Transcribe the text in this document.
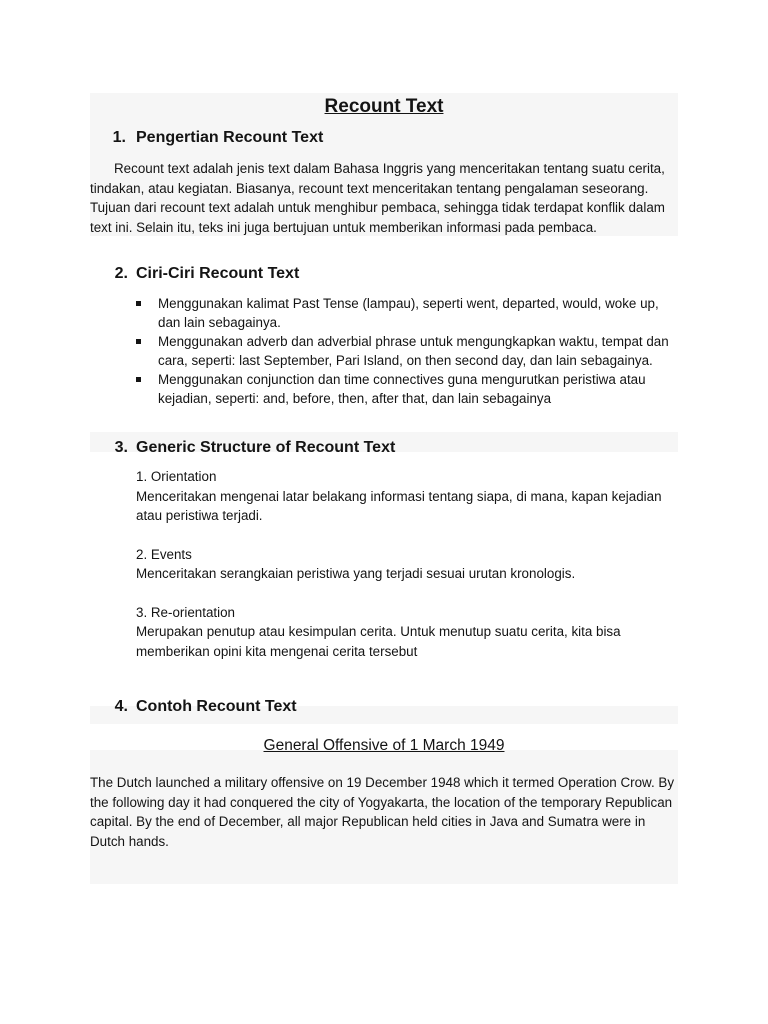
Recount Text
1. Pengertian Recount Text

Recount text adalah jenis text dalam Bahasa Inggris yang menceritakan tentang suatu cerita, tindakan, atau kegiatan. Biasanya, recount text menceritakan tentang pengalaman seseorang. Tujuan dari recount text adalah untuk menghibur pembaca, sehingga tidak terdapat konflik dalam text ini. Selain itu, teks ini juga bertujuan untuk memberikan informasi pada pembaca.

2. Ciri-Ciri Recount Text
Menggunakan kalimat Past Tense (lampau), seperti went, departed, would, woke up, dan lain sebagainya.
Menggunakan adverb dan adverbial phrase untuk mengungkapkan waktu, tempat dan cara, seperti: last September, Pari Island, on then second day, dan lain sebagainya.
Menggunakan conjunction dan time connectives guna mengurutkan peristiwa atau kejadian, seperti: and, before, then, after that, dan lain sebagainya
3. Generic Structure of Recount Text

1. Orientation

Menceritakan mengenai latar belakang informasi tentang siapa, di mana, kapan kejadian atau peristiwa terjadi.

2. Events

Menceritakan serangkaian peristiwa yang terjadi sesuai urutan kronologis.

3. Re-orientation

Merupakan penutup atau kesimpulan cerita. Untuk menutup suatu cerita, kita bisa memberikan opini kita mengenai cerita tersebut

4. Contoh Recount Text

General Offensive of 1 March 1949

The Dutch launched a military offensive on 19 December 1948 which it termed Operation Crow. By the following day it had conquered the city of Yogyakarta, the location of the temporary Republican capital. By the end of December, all major Republican held cities in Java and Sumatra were in Dutch hands.
